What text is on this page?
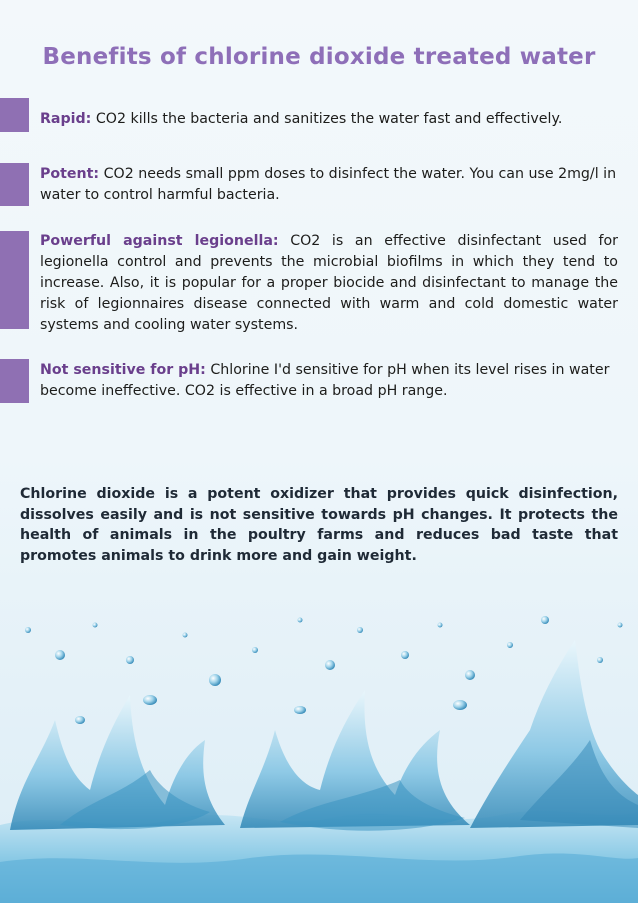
Benefits of chlorine dioxide treated water
Rapid: CO2 kills the bacteria and sanitizes the water fast and effectively.
Potent: CO2 needs small ppm doses to disinfect the water. You can use 2mg/l in water to control harmful bacteria.
Powerful against legionella: CO2 is an effective disinfectant used for legionella control and prevents the microbial biofilms in which they tend to increase. Also, it is popular for a proper biocide and disinfectant to manage the risk of legionnaires disease connected with warm and cold domestic water systems and cooling water systems.
Not sensitive for pH: Chlorine I'd sensitive for pH when its level rises in water become ineffective. CO2 is effective in a broad pH range.
Chlorine dioxide is a potent oxidizer that provides quick disinfection, dissolves easily and is not sensitive towards pH changes. It protects the health of animals in the poultry farms and reduces bad taste that promotes animals to drink more and gain weight.
